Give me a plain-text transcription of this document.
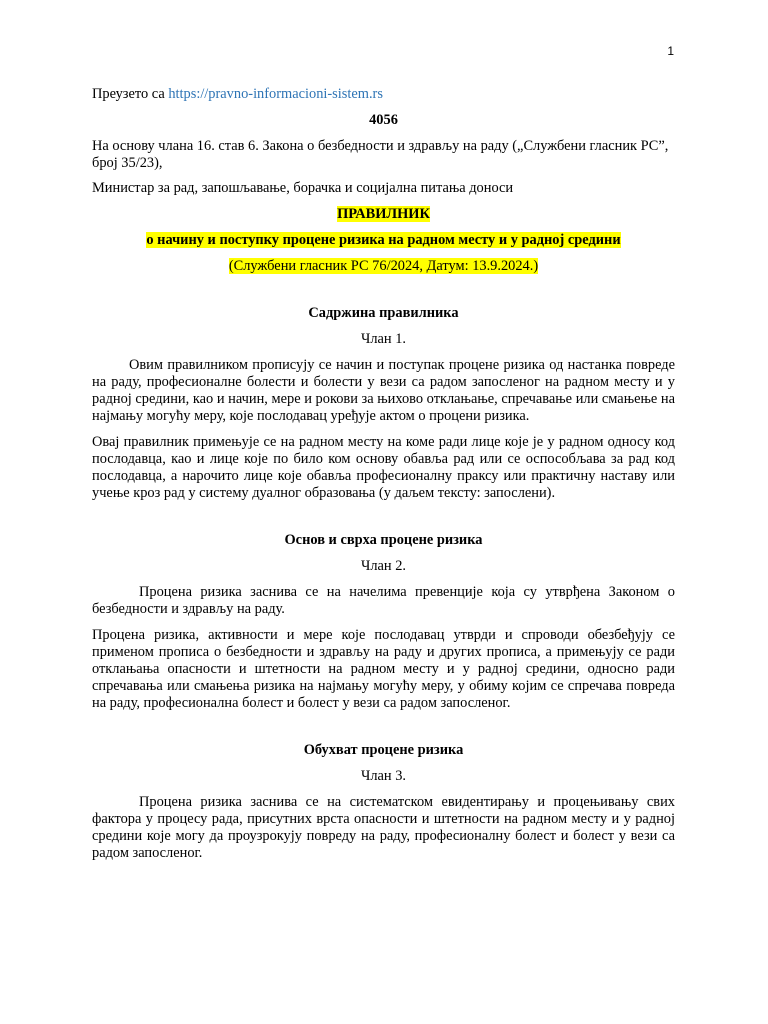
1

Преузето са https://pravno-informacioni-sistem.rs

4056

На основу члана 16. став 6. Закона о безбедности и здрављу на раду („Службени гласник РС”, број 35/23),

Министар за рад, запошљавање, борачка и социјална питања доноси

ПРАВИЛНИК

о начину и поступку процене ризика на радном месту и у радној средини

(Службени гласник РС 76/2024, Датум: 13.9.2024.)

Садржина правилника

Члан 1.

Овим правилником прописују се начин и поступак процене ризика од настанка повреде на раду, професионалне болести и болести у вези са радом запосленог на радном месту и у радној средини, као и начин, мере и рокови за њихово отклањање, спречавање или смањење на најмању могућу меру, које послодавац уређује актом о процени ризика.

Овај правилник примењује се на радном месту на коме ради лице које је у радном односу код послодавца, као и лице које по било ком основу обавља рад или се оспособљава за рад код послодавца, а нарочито лице које обавља професионалну праксу или практичну наставу или учење кроз рад у систему дуалног образовања (у даљем тексту: запослени).

Основ и сврха процене ризика

Члан 2.

Процена ризика заснива се на начелима превенције која су утврђена Законом о безбедности и здрављу на раду.

Процена ризика, активности и мере које послодавац утврди и спроводи обезбеђују се применом прописа о безбедности и здрављу на раду и других прописа, а примењују се ради отклањања опасности и штетности на радном месту и у радној средини, односно ради спречавања или смањења ризика на најмању могућу меру, у обиму којим се спречава повреда на раду, професионална болест и болест у вези са радом запосленог.

Обухват процене ризика

Члан 3.

Процена ризика заснива се на систематском евидентирању и процењивању свих фактора у процесу рада, присутних врста опасности и штетности на радном месту и у радној средини које могу да проузрокују повреду на раду, професионалну болест и болест у вези са радом запосленог.
